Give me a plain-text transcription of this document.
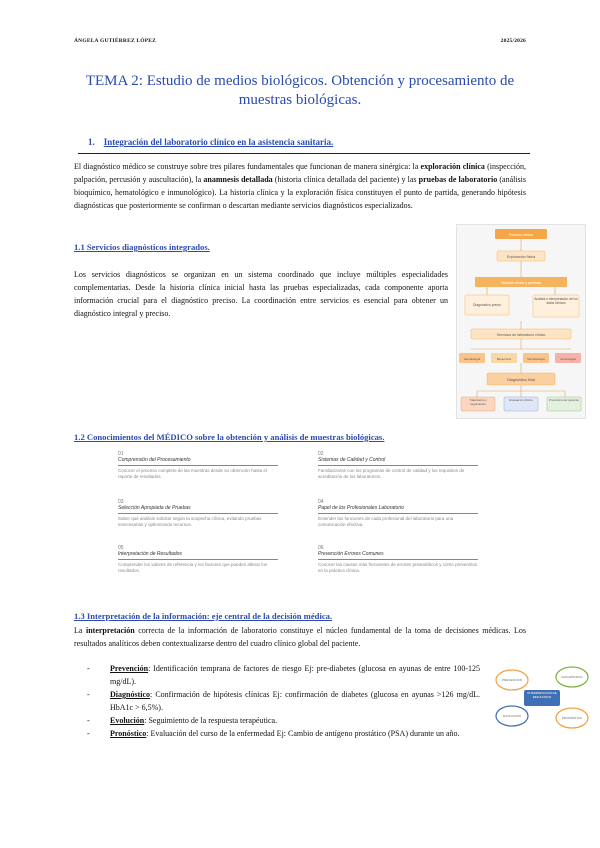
ÁNGELA GUTIÉRREZ LÓPEZ	2025/2026
TEMA 2: Estudio de medios biológicos. Obtención y procesamiento de muestras biológicas.
1. Integración del laboratorio clínico en la asistencia sanitaria.

El diagnóstico médico se construye sobre tres pilares fundamentales que funcionan de manera sinérgica: la exploración clínica (inspección, palpación, percusión y auscultación), la anamnesis detallada (historia clínica detallada del paciente) y las pruebas de laboratorio (análisis bioquímico, hematológico e inmunológico). La historia clínica y la exploración física constituyen el punto de partida, generando hipótesis diagnósticas que posteriormente se confirman o descartan mediante servicios diagnósticos especializados.

1.1 Servicios diagnósticos integrados.

Los servicios diagnósticos se organizan en un sistema coordinado que incluye múltiples especialidades complementarias. Desde la historia clínica inicial hasta las pruebas especializadas, cada componente aporta información crucial para el diagnóstico preciso. La coordinación entre servicios es esencial para obtener un diagnóstico integral y preciso.

Proceso clínico
Exploración física
Historia clínica y pruebas
Diagnóstico previo
Análisis e interpretación de los datos clínicos
Servicios de laboratorio clínico
Hematología	Bioquímica	Microbiología	Inmunología
Diagnóstico final
Tratamiento y seguimiento
Evaluación clínica	Pronóstico del paciente
1.2 Conocimientos del MÉDICO sobre la obtención y análisis de muestras biológicas.
01
Comprensión del Procesamiento
Conocer el proceso completo de las muestras desde su obtención hasta el reporte de resultados.
02
Sistemas de Calidad y Control
Familiarizarse con los programas de control de calidad y los requisitos de acreditación de los laboratorios.
03
Selección Apropiada de Pruebas
Saber qué análisis solicitar según la sospecha clínica, evitando pruebas innecesarias y optimizando recursos.
04
Papel de los Profesionales Laboratorio
Entender las funciones de cada profesional del laboratorio para una comunicación efectiva.
05
Interpretación de Resultados
Comprender los valores de referencia y los factores que pueden alterar los resultados.
06
Prevención Errores Comunes
Conocer las causas más frecuentes de errores preanalíticos y cómo prevenirlos en la práctica clínica.
1.3 Interpretación de la información: eje central de la decisión médica.

La interpretación correcta de la información de laboratorio constituye el núcleo fundamental de la toma de decisiones médicas. Los resultados analíticos deben contextualizarse dentro del cuadro clínico global del paciente.

-	Prevención: Identificación temprana de factores de riesgo Ej: pre-diabetes (glucosa en ayunas de entre 100-125 mg/dL).
-	Diagnóstico: Confirmación de hipótesis clínicas Ej: confirmación de diabetes (glucosa en ayunas >126 mg/dL. HbA1c > 6,5%).
-	Evolución: Seguimiento de la respuesta terapéutica.
-	Pronóstico: Evaluación del curso de la enfermedad Ej: Cambio de antígeno prostático (PSA) durante un año.
INTERPRETACIÓN DE RESULTADOS
PREVENCIÓN
DIAGNÓSTICO
EVOLUCIÓN	PRONÓSTICO
